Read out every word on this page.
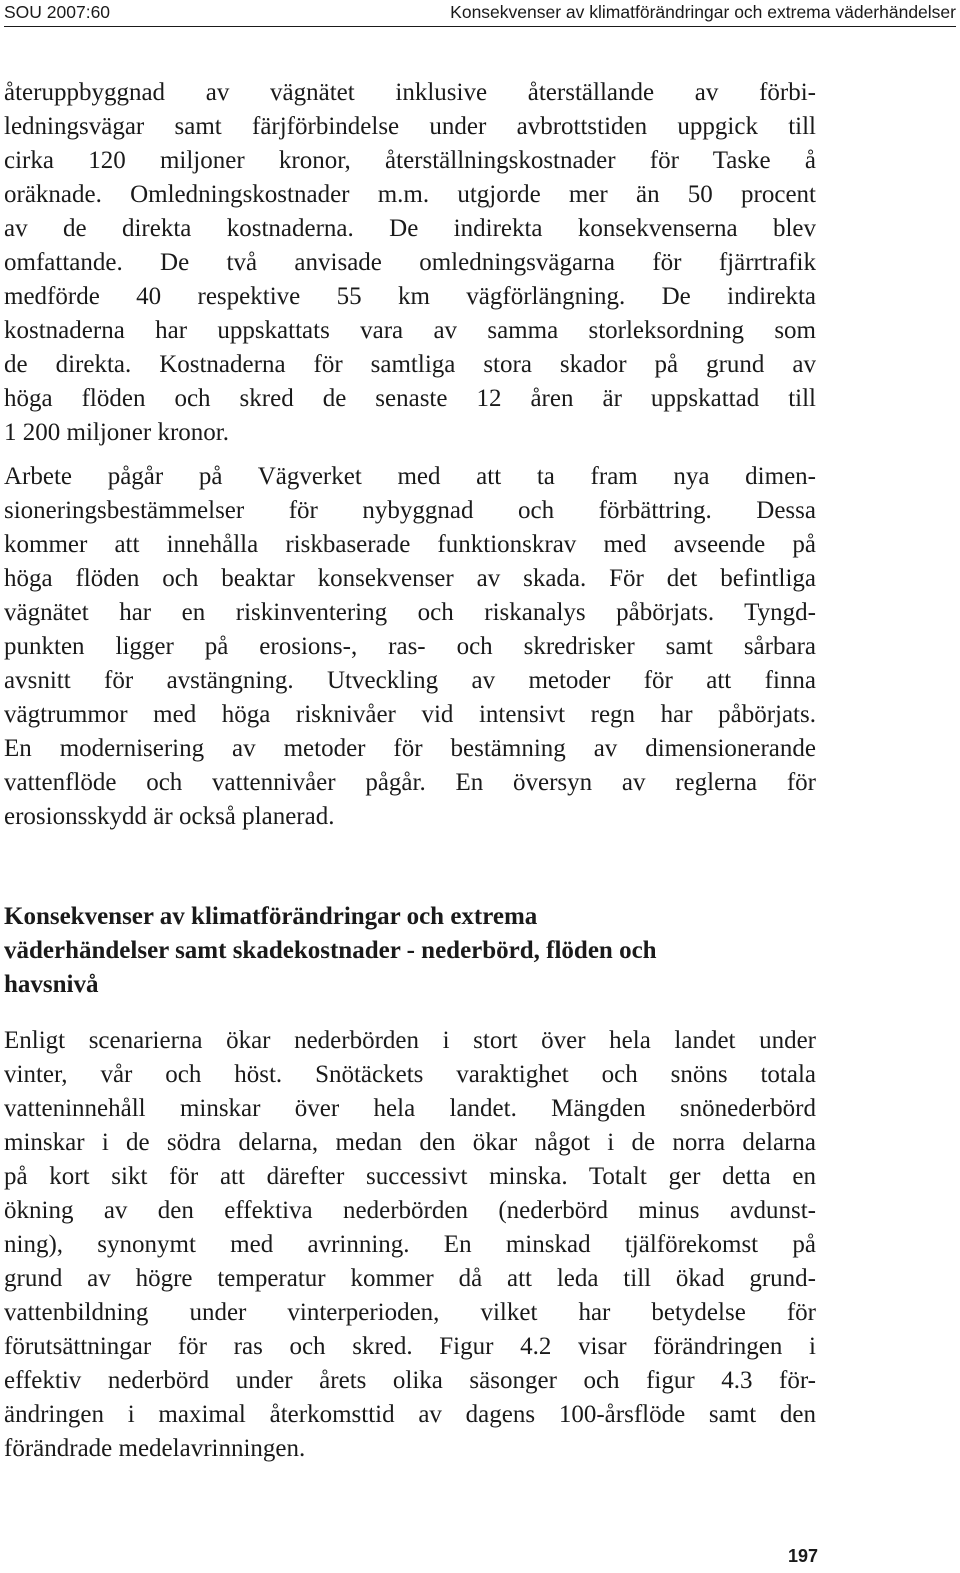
SOU 2007:60	Konsekvenser av klimatförändringar och extrema väderhändelser
återuppbyggnad av vägnätet inklusive återställande av förbi-
ledningsvägar samt färjförbindelse under avbrottstiden uppgick till
cirka 120 miljoner kronor, återställningskostnader för Taske å
oräknade. Omledningskostnader m.m. utgjorde mer än 50 procent
av de direkta kostnaderna. De indirekta konsekvenserna blev
omfattande. De två anvisade omledningsvägarna för fjärrtrafik
medförde 40 respektive 55 km vägförlängning. De indirekta
kostnaderna har uppskattats vara av samma storleksordning som
de direkta. Kostnaderna för samtliga stora skador på grund av
höga flöden och skred de senaste 12 åren är uppskattad till
1 200 miljoner kronor.
Arbete pågår på Vägverket med att ta fram nya dimen-
sioneringsbestämmelser för nybyggnad och förbättring. Dessa
kommer att innehålla riskbaserade funktionskrav med avseende på
höga flöden och beaktar konsekvenser av skada. För det befintliga
vägnätet har en riskinventering och riskanalys påbörjats. Tyngd-
punkten ligger på erosions-, ras- och skredrisker samt sårbara
avsnitt för avstängning. Utveckling av metoder för att finna
vägtrummor med höga risknivåer vid intensivt regn har påbörjats.
En modernisering av metoder för bestämning av dimensionerande
vattenflöde och vattennivåer pågår. En översyn av reglerna för
erosionsskydd är också planerad.
Konsekvenser av klimatförändringar och extrema
väderhändelser samt skadekostnader - nederbörd, flöden och
havsnivå
Enligt scenarierna ökar nederbörden i stort över hela landet under
vinter, vår och höst. Snötäckets varaktighet och snöns totala
vatteninnehåll minskar över hela landet. Mängden snönederbörd
minskar i de södra delarna, medan den ökar något i de norra delarna
på kort sikt för att därefter successivt minska. Totalt ger detta en
ökning av den effektiva nederbörden (nederbörd minus avdunst-
ning), synonymt med avrinning. En minskad tjälförekomst på
grund av högre temperatur kommer då att leda till ökad grund-
vattenbildning under vinterperioden, vilket har betydelse för
förutsättningar för ras och skred. Figur 4.2 visar förändringen i
effektiv nederbörd under årets olika säsonger och figur 4.3 för-
ändringen i maximal återkomsttid av dagens 100-årsflöde samt den
förändrade medelavrinningen.
197
